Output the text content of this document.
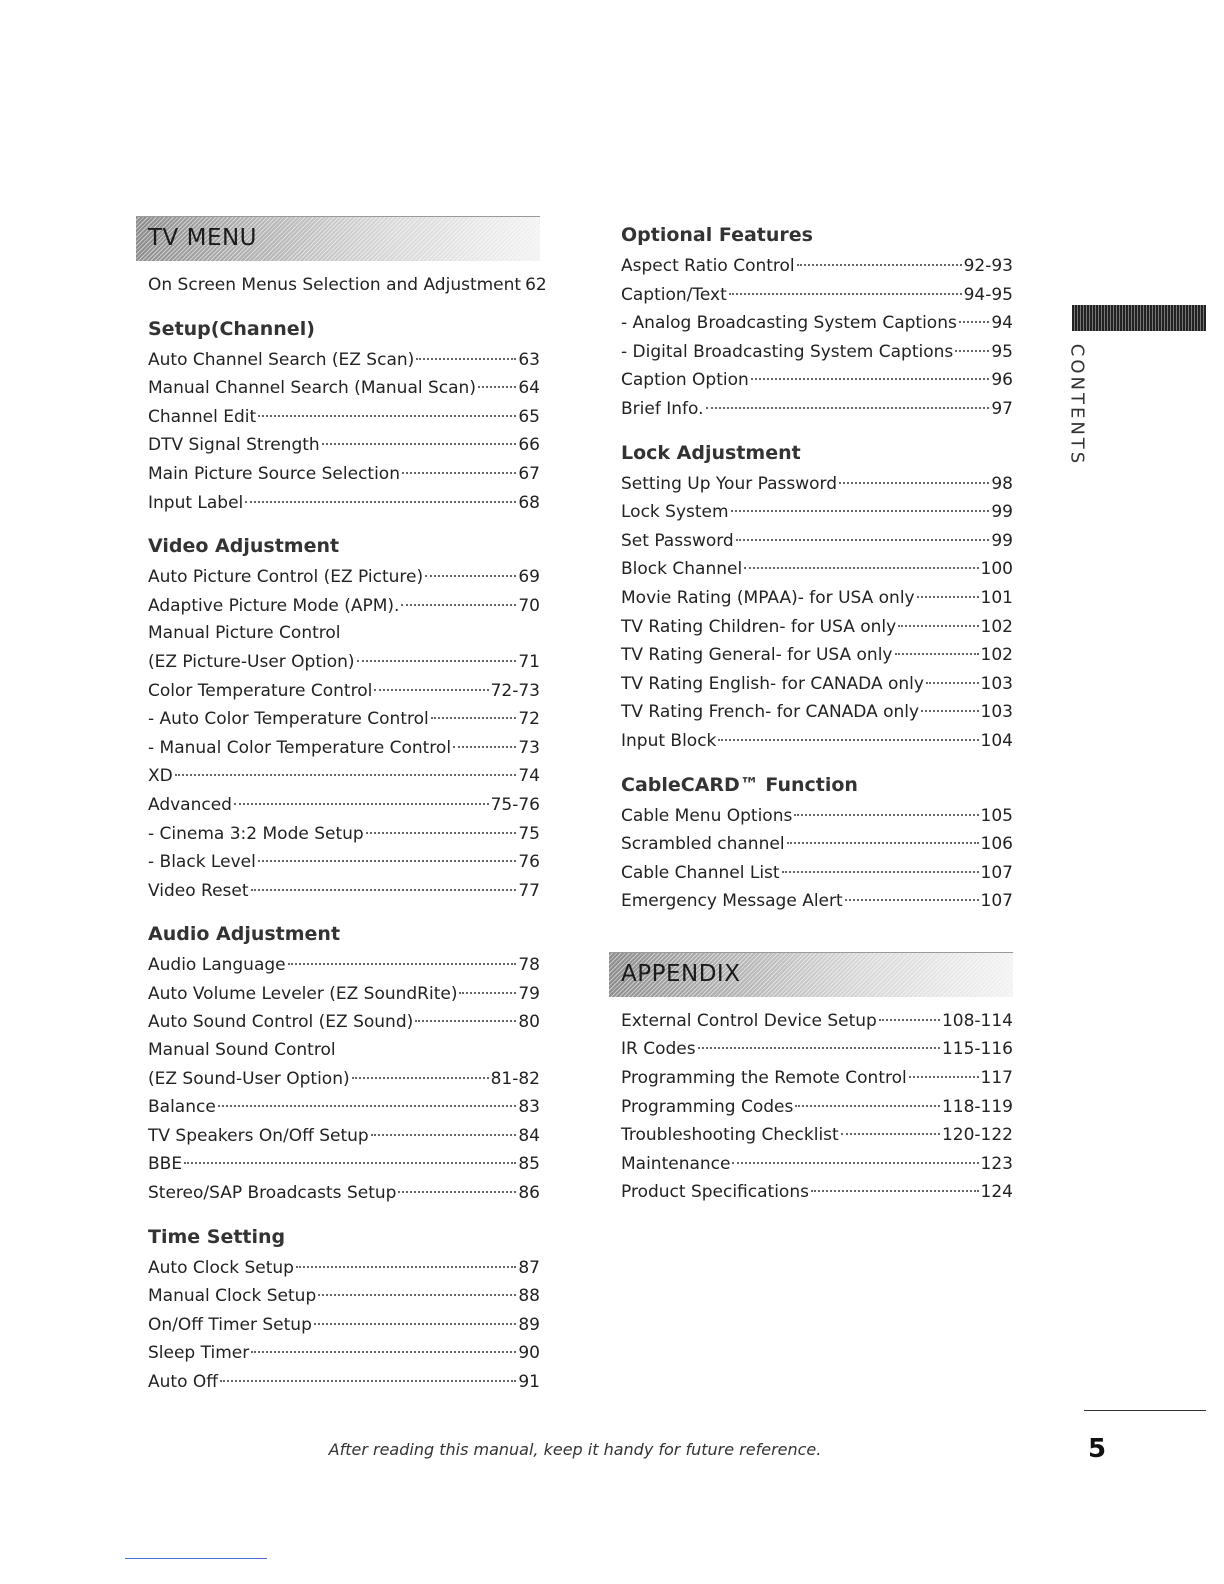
TV MENU
On Screen Menus Selection and Adjustment 62
Setup(Channel)
Auto Channel Search (EZ Scan)	63
Manual Channel Search (Manual Scan) 64
Channel Edit	65
DTV Signal Strength	66
Main Picture Source Selection	67
Input Label	68
Video Adjustment
Auto Picture Control (EZ Picture)	69
Adaptive Picture Mode (APM).	70
Manual Picture Control
(EZ Picture-User Option)	71
Color Temperature Control	72-73
- Auto Color Temperature Control	72
- Manual Color Temperature Control	73
XD	74
Advanced	75-76
- Cinema 3:2 Mode Setup	75
- Black Level	76
Video Reset	77
Audio Adjustment
Audio Language	78
Auto Volume Leveler (EZ SoundRite)	79
Auto Sound Control (EZ Sound)	80
Manual Sound Control
(EZ Sound-User Option)	81-82
Balance	83
TV Speakers On/Off Setup	84
BBE	85
Stereo/SAP Broadcasts Setup	86
Time Setting
Auto Clock Setup	87
Manual Clock Setup	88
On/Off Timer Setup	89
Sleep Timer	90
Auto Off	91
Optional Features
Aspect Ratio Control	92-93
Caption/Text	94-95
- Analog Broadcasting System Captions 94
- Digital Broadcasting System Captions 95
Caption Option	96
Brief Info.	97
Lock Adjustment
Setting Up Your Password	98
Lock System	99
Set Password	99
Block Channel	100
Movie Rating (MPAA)- for USA only	101
TV Rating Children- for USA only	102
TV Rating General- for USA only	102
TV Rating English- for CANADA only	103
TV Rating French- for CANADA only	103
Input Block	104
CableCARD™ Function
Cable Menu Options	105
Scrambled channel	106
Cable Channel List	107
Emergency Message Alert	107
APPENDIX
External Control Device Setup	108-114
IR Codes	115-116
Programming the Remote Control	117
Programming Codes	118-119
Troubleshooting Checklist	120-122
Maintenance	123
Product Specifications	124
CONTENTS
After reading this manual, keep it handy for future reference.	5
